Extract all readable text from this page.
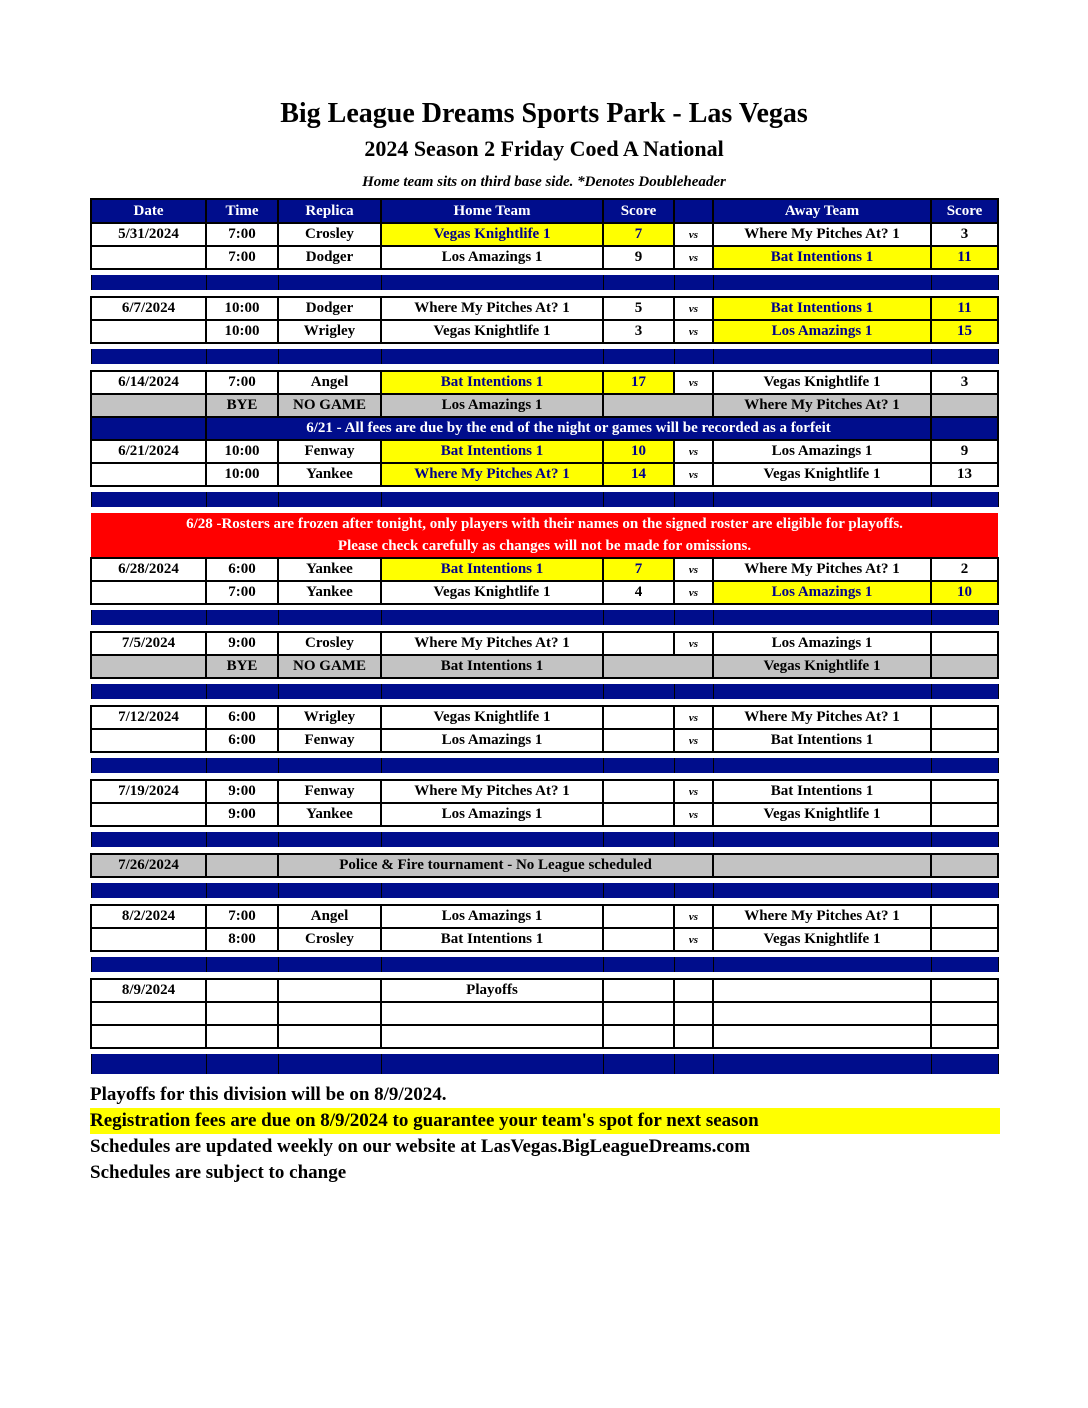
Big League Dreams Sports Park - Las Vegas
2024 Season 2 Friday Coed A National
Home team sits on third base side. *Denotes Doubleheader
Date	Time	Replica	Home Team	Score		Away Team	Score
5/31/2024	7:00	Crosley	Vegas Knightlife 1	7	vs	Where My Pitches At? 1	3
	7:00	Dodger	Los Amazings 1	9	vs	Bat Intentions 1	11

6/7/2024	10:00	Dodger	Where My Pitches At? 1	5	vs	Bat Intentions 1	11
	10:00	Wrigley	Vegas Knightlife 1	3	vs	Los Amazings 1	15

6/14/2024	7:00	Angel	Bat Intentions 1	17	vs	Vegas Knightlife 1	3
	BYE	NO GAME	Los Amazings 1			Where My Pitches At? 1	
	6/21 - All fees are due by the end of the night or games will be recorded as a forfeit						
6/21/2024	10:00	Fenway	Bat Intentions 1	10	vs	Los Amazings 1	9
	10:00	Yankee	Where My Pitches At? 1	14	vs	Vegas Knightlife 1	13

6/28 -Rosters are frozen after tonight, only players with their names on the signed roster are eligible for playoffs.
Please check carefully as changes will not be made for omissions.							

6/28/2024	6:00	Yankee	Bat Intentions 1	7	vs	Where My Pitches At? 1	2
	7:00	Yankee	Vegas Knightlife 1	4	vs	Los Amazings 1	10

7/5/2024	9:00	Crosley	Where My Pitches At? 1		vs	Los Amazings 1	
	BYE	NO GAME	Bat Intentions 1			Vegas Knightlife 1	

7/12/2024	6:00	Wrigley	Vegas Knightlife 1		vs	Where My Pitches At? 1	
	6:00	Fenway	Los Amazings 1		vs	Bat Intentions 1	

7/19/2024	9:00	Fenway	Where My Pitches At? 1		vs	Bat Intentions 1	
	9:00	Yankee	Los Amazings 1		vs	Vegas Knightlife 1	

7/26/2024		Police & Fire tournament - No League scheduled					

8/2/2024	7:00	Angel	Los Amazings 1		vs	Where My Pitches At? 1	
	8:00	Crosley	Bat Intentions 1		vs	Vegas Knightlife 1	

8/9/2024			Playoffs				

Playoffs for this division will be on 8/9/2024.
Registration fees are due on 8/9/2024 to guarantee your team's spot for next season
Schedules are updated weekly on our website at LasVegas.BigLeagueDreams.com
Schedules are subject to change
